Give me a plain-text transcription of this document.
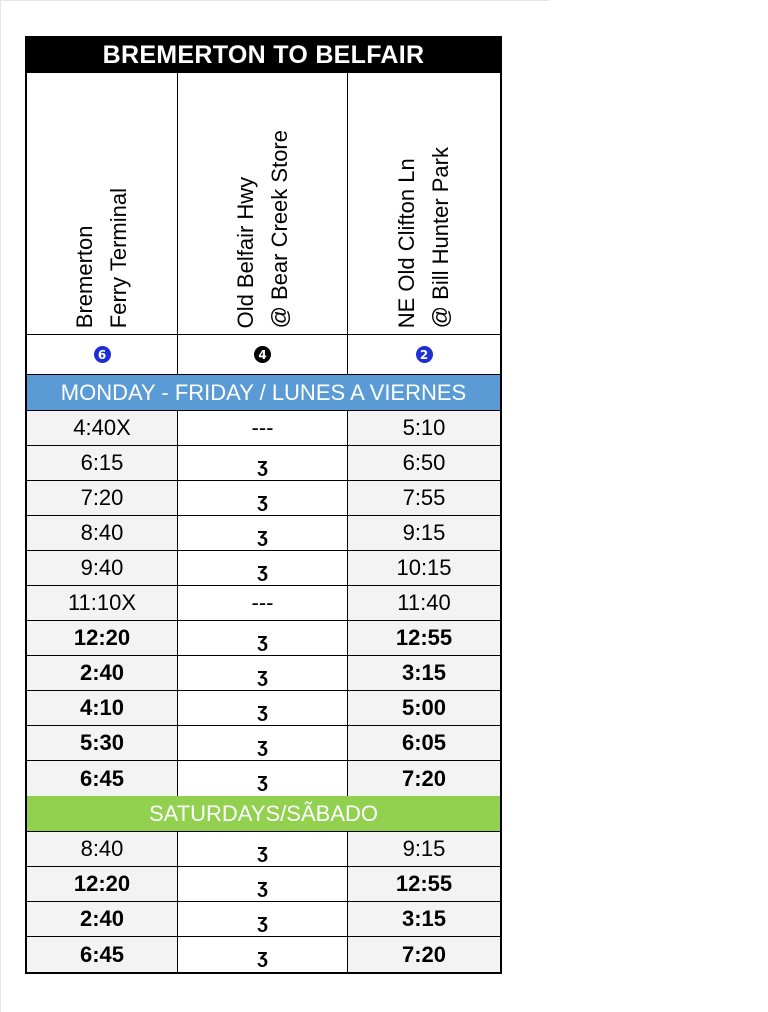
BREMERTON TO BELFAIR
Bremerton Ferry Terminal	Old Belfair Hwy @ Bear Creek Store	NE Old Clifton Ln @ Bill Hunter Park
6	4	2
MONDAY - FRIDAY / LUNES A VIERNES
4:40X	---	5:10
6:15	ʒ	6:50
7:20	ʒ	7:55
8:40	ʒ	9:15
9:40	ʒ	10:15
11:10X	---	11:40
12:20	ʒ	12:55
2:40	ʒ	3:15
4:10	ʒ	5:00
5:30	ʒ	6:05
6:45	ʒ	7:20
SATURDAYS/SÃBADO
8:40	ʒ	9:15
12:20	ʒ	12:55
2:40	ʒ	3:15
6:45	ʒ	7:20
